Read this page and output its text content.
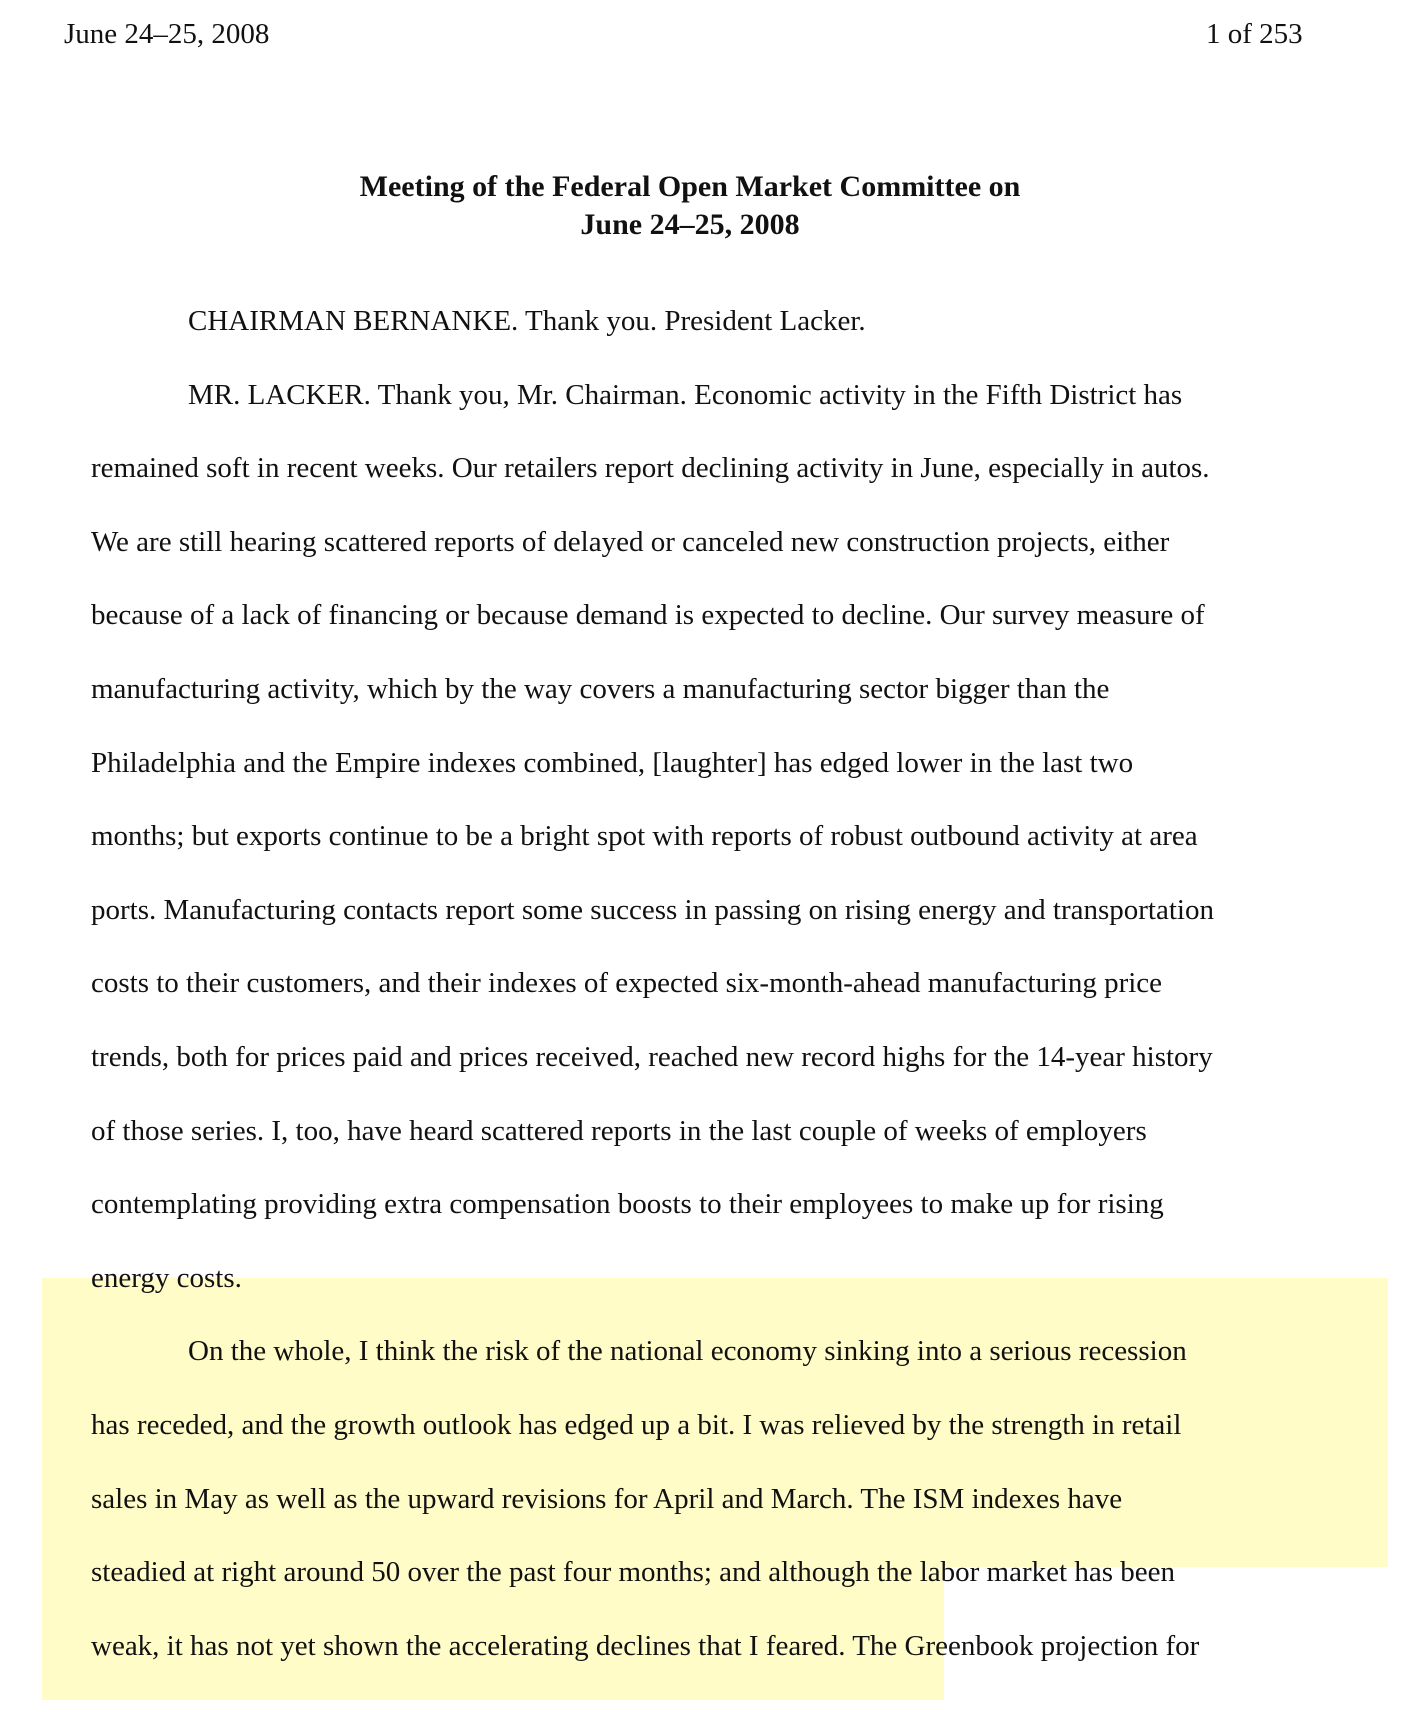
June 24–25, 2008	1 of 253
Meeting of the Federal Open Market Committee on
June 24–25, 2008
CHAIRMAN BERNANKE. Thank you. President Lacker.
MR. LACKER. Thank you, Mr. Chairman. Economic activity in the Fifth District has
remained soft in recent weeks. Our retailers report declining activity in June, especially in autos.
We are still hearing scattered reports of delayed or canceled new construction projects, either
because of a lack of financing or because demand is expected to decline. Our survey measure of
manufacturing activity, which by the way covers a manufacturing sector bigger than the
Philadelphia and the Empire indexes combined, [laughter] has edged lower in the last two
months; but exports continue to be a bright spot with reports of robust outbound activity at area
ports. Manufacturing contacts report some success in passing on rising energy and transportation
costs to their customers, and their indexes of expected six-month-ahead manufacturing price
trends, both for prices paid and prices received, reached new record highs for the 14-year history
of those series. I, too, have heard scattered reports in the last couple of weeks of employers
contemplating providing extra compensation boosts to their employees to make up for rising
energy costs.
On the whole, I think the risk of the national economy sinking into a serious recession
has receded, and the growth outlook has edged up a bit. I was relieved by the strength in retail
sales in May as well as the upward revisions for April and March. The ISM indexes have
steadied at right around 50 over the past four months; and although the labor market has been
weak, it has not yet shown the accelerating declines that I feared. The Greenbook projection for
